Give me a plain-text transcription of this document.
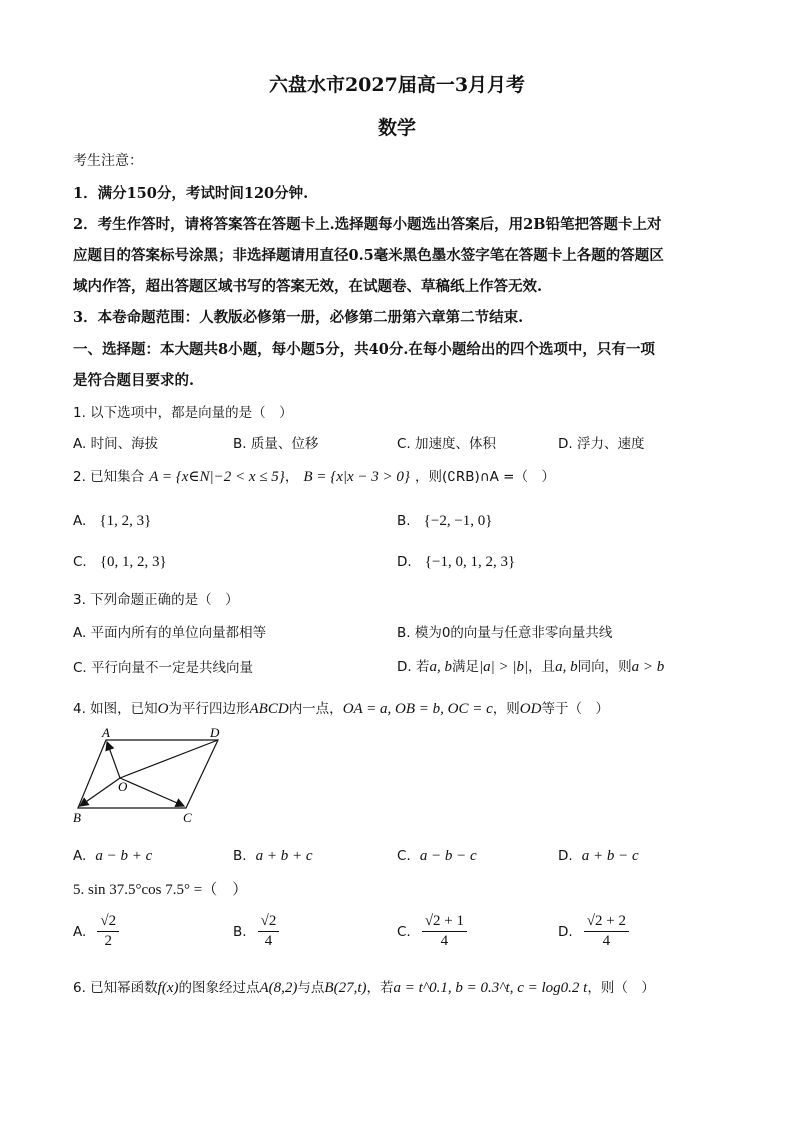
六盘水市2027届高一3月月考
数学
考生注意：
1．满分150分，考试时间120分钟.
2．考生作答时，请将答案答在答题卡上.选择题每小题选出答案后，用2B铅笔把答题卡上对
应题目的答案标号涂黑；非选择题请用直径0.5毫米黑色墨水签字笔在答题卡上各题的答题区
域内作答，超出答题区域书写的答案无效，在试题卷、草稿纸上作答无效.
3．本卷命题范围：人教版必修第一册，必修第二册第六章第二节结束.
一、选择题：本大题共8小题，每小题5分，共40分.在每小题给出的四个选项中，只有一项
是符合题目要求的.
1. 以下选项中，都是向量的是（　）
A. 时间、海拔	B. 质量、位移	C. 加速度、体积	D. 浮力、速度
2. 已知集合 A = {x∈N|−2 < x ≤ 5}， B = {x|x − 3 > 0} ，则(∁RB)∩A =（　）
A. {1, 2, 3}	B. {−2, −1, 0}
C. {0, 1, 2, 3}	D. {−1, 0, 1, 2, 3}
3. 下列命题正确的是（　）
A. 平面内所有的单位向量都相等	B. 模为0的向量与任意非零向量共线
C. 平行向量不一定是共线向量	D. 若a, b满足|a| > |b|，且a, b同向，则a > b
4. 如图，已知O为平行四边形ABCD内一点，OA = a, OB = b, OC = c，则OD等于（　）
A	D
O
B	C
A. a − b + c	B. a + b + c	C. a − b − c	D. a + b − c
5. sin 37.5°cos 7.5° =（　）
A. $\frac{√2}{2}$	B. $\frac{√2}{4}$	C. $\frac{√2 + 1}{4}$	D. $\frac{√2 + 2}{4}$
6. 已知幂函数f(x)的图象经过点A(8,2)与点B(27,t)，若a = t^0.1, b = 0.3^t, c = log0.2 t，则（　）
